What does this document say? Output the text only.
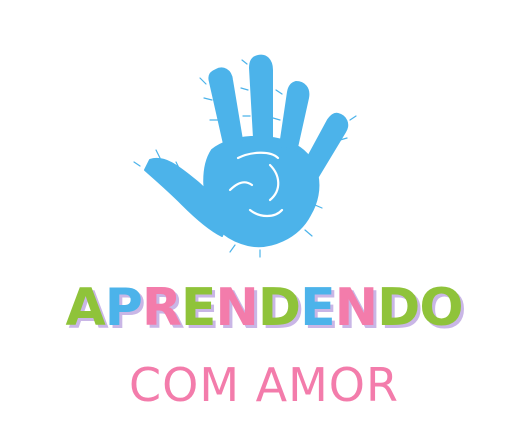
APRENDENDO
COM AMOR
